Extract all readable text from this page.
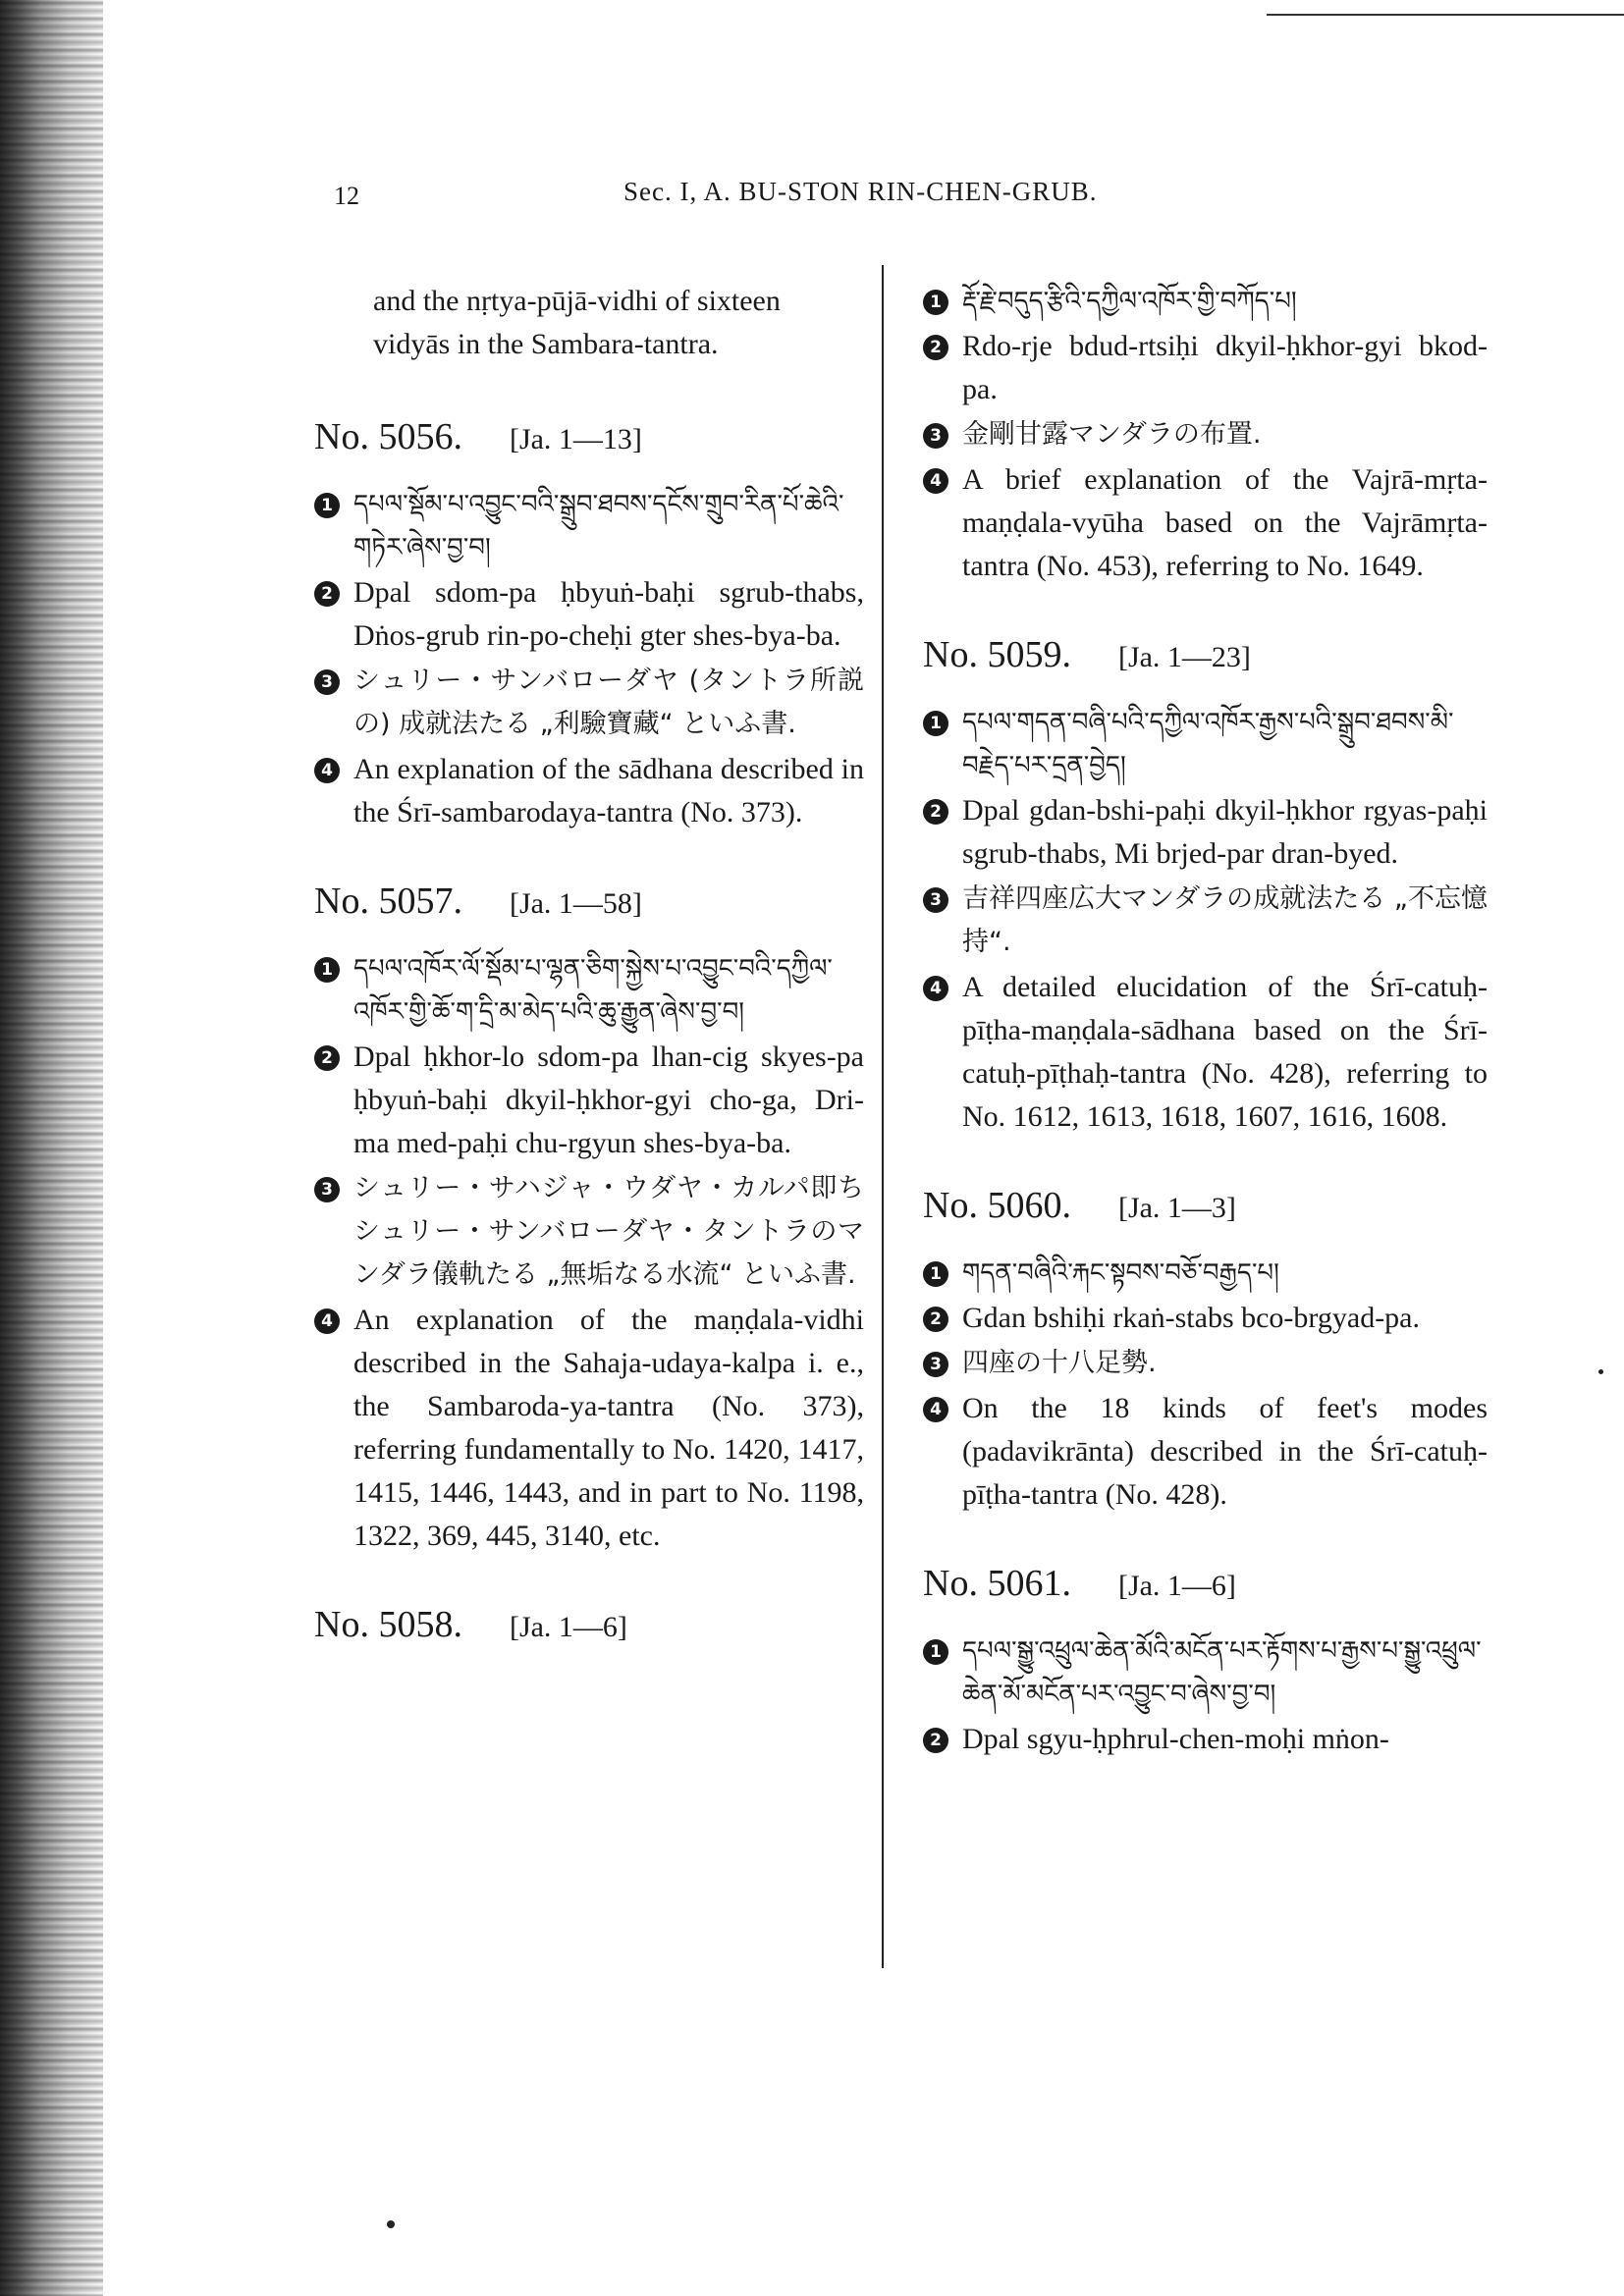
12	Sec. I, A. BU-STON RIN-CHEN-GRUB.

and the nṛtya-pūjā-vidhi of sixteen vidyās in the Sambara-tantra.

No. 5056. [Ja. 1—13]
1 དཔལ་སྡོམ་པ་འབྱུང་བའི་སྒྲུབ་ཐབས་དངོས་གྲུབ་རིན་པོ་ཆེའི་གཏེར་ཞེས་བྱ་བ།
2 Dpal sdom-pa ḥbyuṅ-baḥi sgrub-thabs, Dṅos-grub rin-po-cheḥi gter shes-bya-ba.
3 シュリー・サンバローダヤ (タントラ所説の) 成就法たる „利驗寶藏“ といふ書.
4 An explanation of the sādhana described in the Śrī-sambarodaya-tantra (No. 373).
No. 5057. [Ja. 1—58]
1 དཔལ་འཁོར་ལོ་སྡོམ་པ་ལྷན་ཅིག་སྐྱེས་པ་འབྱུང་བའི་དཀྱིལ་འཁོར་གྱི་ཆོ་ག་དྲི་མ་མེད་པའི་ཆུ་རྒྱུན་ཞེས་བྱ་བ།
2 Dpal ḥkhor-lo sdom-pa lhan-cig skyes-pa ḥbyuṅ-baḥi dkyil-ḥkhor-gyi cho-ga, Dri-ma med-paḥi chu-rgyun shes-bya-ba.
3 シュリー・サハジャ・ウダヤ・カルパ即ちシュリー・サンバローダヤ・タントラのマンダラ儀軌たる „無垢なる水流“ といふ書.
4 An explanation of the maṇḍala-vidhi described in the Sahaja-udaya-kalpa i. e., the Sambaroda-ya-tantra (No. 373), referring fundamentally to No. 1420, 1417, 1415, 1446, 1443, and in part to No. 1198, 1322, 369, 445, 3140, etc.
No. 5058. [Ja. 1—6]
1 རྡོ་རྗེ་བདུད་རྩིའི་དཀྱིལ་འཁོར་གྱི་བཀོད་པ།
2 Rdo-rje bdud-rtsiḥi dkyil-ḥkhor-gyi bkod-pa.
3 金剛甘露マンダラの布置.
4 A brief explanation of the Vajrā-mṛta-maṇḍala-vyūha based on the Vajrāmṛta-tantra (No. 453), referring to No. 1649.
No. 5059. [Ja. 1—23]
1 དཔལ་གདན་བཞི་པའི་དཀྱིལ་འཁོར་རྒྱས་པའི་སྒྲུབ་ཐབས་མི་བརྗེད་པར་དྲན་བྱེད།
2 Dpal gdan-bshi-paḥi dkyil-ḥkhor rgyas-paḥi sgrub-thabs, Mi brjed-par dran-byed.
3 吉祥四座広大マンダラの成就法たる „不忘憶持“.
4 A detailed elucidation of the Śrī-catuḥ-pīṭha-maṇḍala-sādhana based on the Śrī-catuḥ-pīṭhaḥ-tantra (No. 428), referring to No. 1612, 1613, 1618, 1607, 1616, 1608.
No. 5060. [Ja. 1—3]
1 གདན་བཞིའི་རྐང་སྟབས་བཅོ་བརྒྱད་པ།
2 Gdan bshiḥi rkaṅ-stabs bco-brgyad-pa.
3 四座の十八足勢.
4 On the 18 kinds of feet's modes (padavikrānta) described in the Śrī-catuḥ-pīṭha-tantra (No. 428).
No. 5061. [Ja. 1—6]
1 དཔལ་སྒྱུ་འཕྲུལ་ཆེན་མོའི་མངོན་པར་རྟོགས་པ་རྒྱས་པ་སྒྱུ་འཕྲུལ་ཆེན་མོ་མངོན་པར་འབྱུང་བ་ཞེས་བྱ་བ།
2 Dpal sgyu-ḥphrul-chen-moḥi mṅon-
